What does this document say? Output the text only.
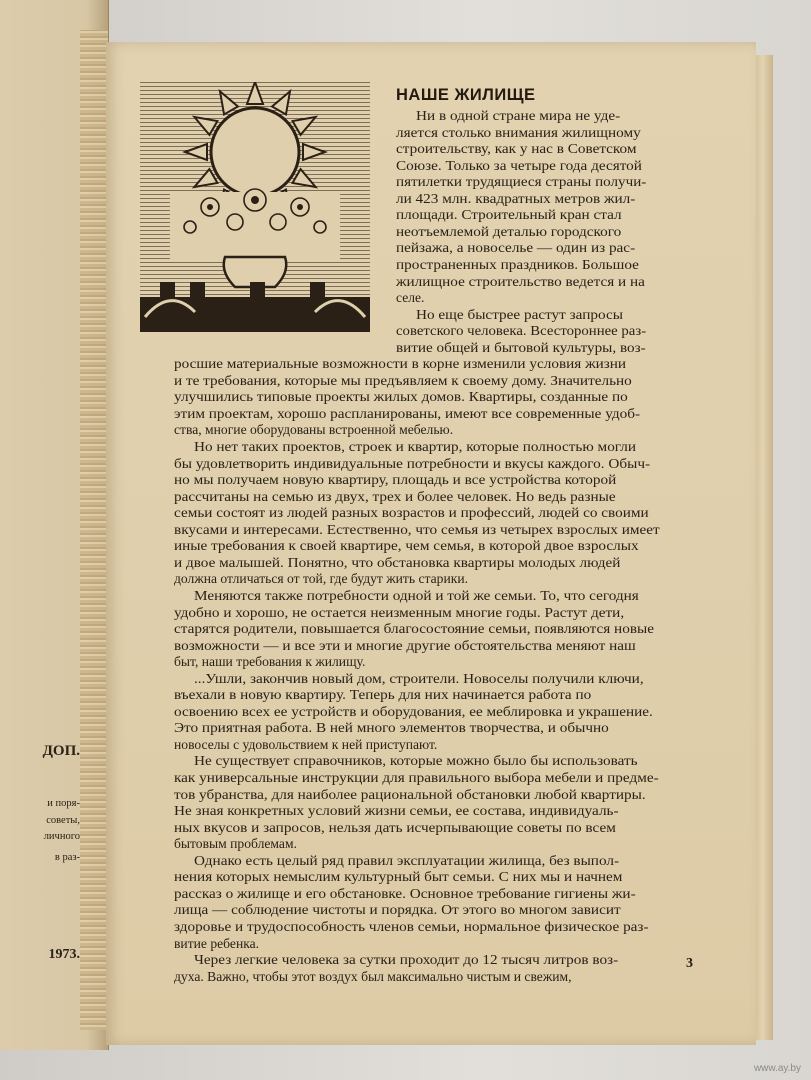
ДОП.
и поря-
советы,
личного
в раз-
1973.
НАШЕ ЖИЛИЩЕ
Ни в одной стране мира не уде-
ляется столько внимания жилищному
строительству, как у нас в Советском
Союзе. Только за четыре года десятой
пятилетки трудящиеся страны получи-
ли 423 млн. квадратных метров жил-
площади. Строительный кран стал
неотъемлемой деталью городского
пейзажа, а новоселье — один из рас-
пространенных праздников. Большое
жилищное строительство ведется и на
селе.
Но еще быстрее растут запросы
советского человека. Всестороннее раз-
витие общей и бытовой культуры, воз-
росшие материальные возможности в корне изменили условия жизни
и те требования, которые мы предъявляем к своему дому. Значительно
улучшились типовые проекты жилых домов. Квартиры, созданные по
этим проектам, хорошо распланированы, имеют все современные удоб-
ства, многие оборудованы встроенной мебелью.
Но нет таких проектов, строек и квартир, которые полностью могли
бы удовлетворить индивидуальные потребности и вкусы каждого. Обыч-
но мы получаем новую квартиру, площадь и все устройства которой
рассчитаны на семью из двух, трех и более человек. Но ведь разные
семьи состоят из людей разных возрастов и профессий, людей со своими
вкусами и интересами. Естественно, что семья из четырех взрослых имеет
иные требования к своей квартире, чем семья, в которой двое взрослых
и двое малышей. Понятно, что обстановка квартиры молодых людей
должна отличаться от той, где будут жить старики.
Меняются также потребности одной и той же семьи. То, что сегодня
удобно и хорошо, не остается неизменным многие годы. Растут дети,
старятся родители, повышается благосостояние семьи, появляются новые
возможности — и все эти и многие другие обстоятельства меняют наш
быт, наши требования к жилищу.
...Ушли, закончив новый дом, строители. Новоселы получили ключи,
въехали в новую квартиру. Теперь для них начинается работа по
освоению всех ее устройств и оборудования, ее меблировка и украшение.
Это приятная работа. В ней много элементов творчества, и обычно
новоселы с удовольствием к ней приступают.
Не существует справочников, которые можно было бы использовать
как универсальные инструкции для правильного выбора мебели и предме-
тов убранства, для наиболее рациональной обстановки любой квартиры.
Не зная конкретных условий жизни семьи, ее состава, индивидуаль-
ных вкусов и запросов, нельзя дать исчерпывающие советы по всем
бытовым проблемам.
Однако есть целый ряд правил эксплуатации жилища, без выпол-
нения которых немыслим культурный быт семьи. С них мы и начнем
рассказ о жилище и его обстановке. Основное требование гигиены жи-
лища — соблюдение чистоты и порядка. От этого во многом зависит
здоровье и трудоспособность членов семьи, нормальное физическое раз-
витие ребенка.
Через легкие человека за сутки проходит до 12 тысяч литров воз-
духа. Важно, чтобы этот воздух был максимально чистым и свежим,
3
www.ay.by
